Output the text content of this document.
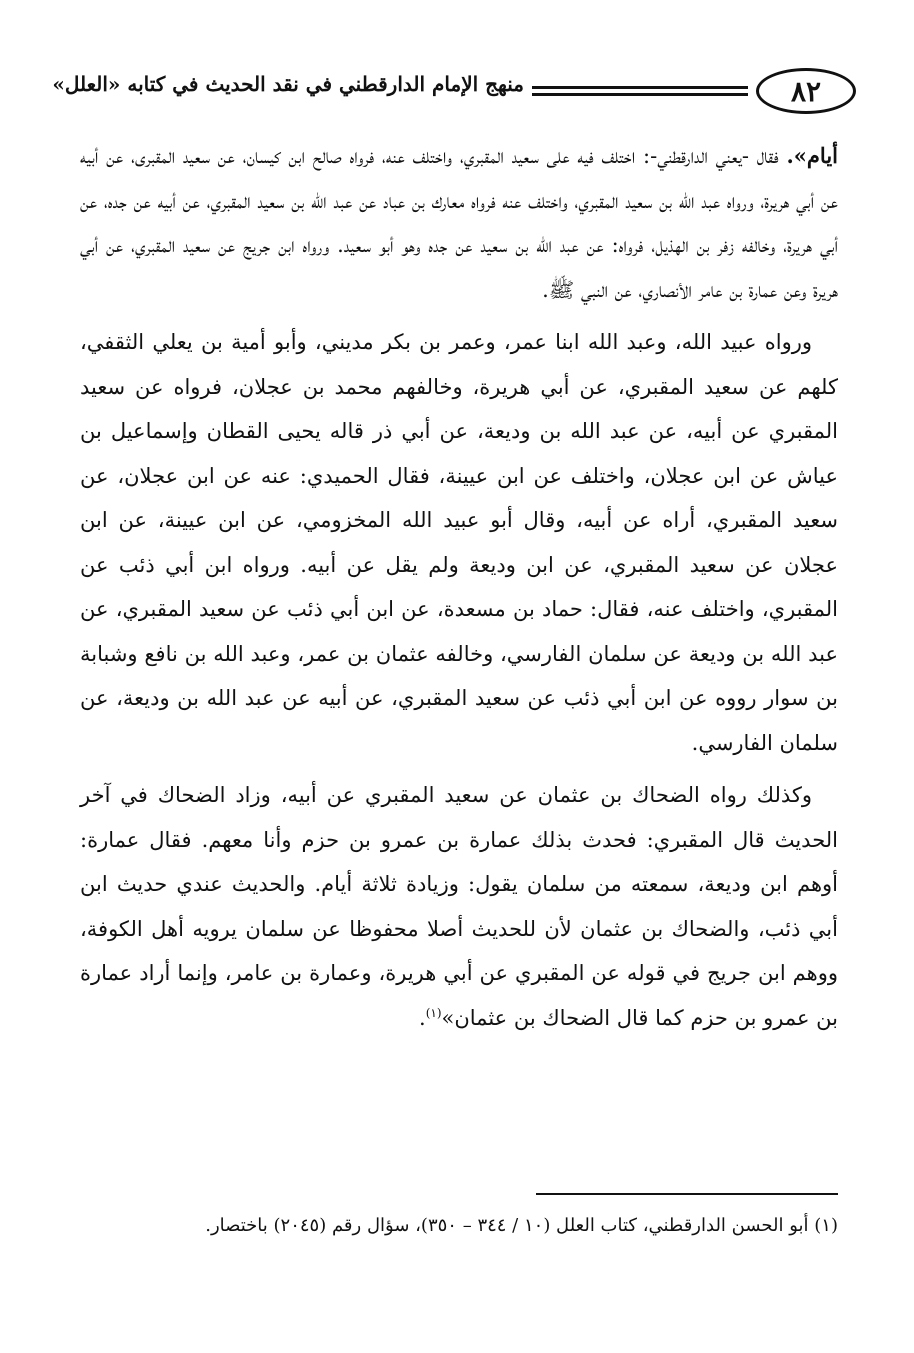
٨٢
منهج الإمام الدارقطني في نقد الحديث في كتابه «العلل»

أيام». فقال -يعني الدارقطني-: اختلف فيه على سعيد المقبري، واختلف عنه، فرواه صالح ابن كيسان، عن سعيد المقبرى، عن أبيه عن أبي هريرة، ورواه عبد الله بن سعيد المقبري، واختلف عنه فرواه معارك بن عباد عن عبد الله بن سعيد المقبري، عن أبيه عن جده، عن أبي هريرة، وخالفه زفر بن الهذيل، فرواه: عن عبد الله بن سعيد عن جده وهو أبو سعيد. ورواه ابن جريج عن سعيد المقبري، عن أبي هريرة وعن عمارة بن عامر الأنصاري، عن النبي ﷺ.

ورواه عبيد الله، وعبد الله ابنا عمر، وعمر بن بكر مديني، وأبو أمية بن يعلي الثقفي، كلهم عن سعيد المقبري، عن أبي هريرة، وخالفهم محمد بن عجلان، فرواه عن سعيد المقبري عن أبيه، عن عبد الله بن وديعة، عن أبي ذر قاله يحيى القطان وإسماعيل بن عياش عن ابن عجلان، واختلف عن ابن عيينة، فقال الحميدي: عنه عن ابن عجلان، عن سعيد المقبري، أراه عن أبيه، وقال أبو عبيد الله المخزومي، عن ابن عيينة، عن ابن عجلان عن سعيد المقبري، عن ابن وديعة ولم يقل عن أبيه. ورواه ابن أبي ذئب عن المقبري، واختلف عنه، فقال: حماد بن مسعدة، عن ابن أبي ذئب عن سعيد المقبري، عن عبد الله بن وديعة عن سلمان الفارسي، وخالفه عثمان بن عمر، وعبد الله بن نافع وشبابة بن سوار رووه عن ابن أبي ذئب عن سعيد المقبري، عن أبيه عن عبد الله بن وديعة، عن سلمان الفارسي.

وكذلك رواه الضحاك بن عثمان عن سعيد المقبري عن أبيه، وزاد الضحاك في آخر الحديث قال المقبري: فحدث بذلك عمارة بن عمرو بن حزم وأنا معهم. فقال عمارة: أوهم ابن وديعة، سمعته من سلمان يقول: وزيادة ثلاثة أيام. والحديث عندي حديث ابن أبي ذئب، والضحاك بن عثمان لأن للحديث أصلا محفوظا عن سلمان يرويه أهل الكوفة، ووهم ابن جريج في قوله عن المقبري عن أبي هريرة، وعمارة بن عامر، وإنما أراد عمارة بن عمرو بن حزم كما قال الضحاك بن عثمان»$^{(١)}$.

(١) أبو الحسن الدارقطني، كتاب العلل (١٠ / ٣٤٤ – ٣٥٠)، سؤال رقم (٢٠٤٥) باختصار.
